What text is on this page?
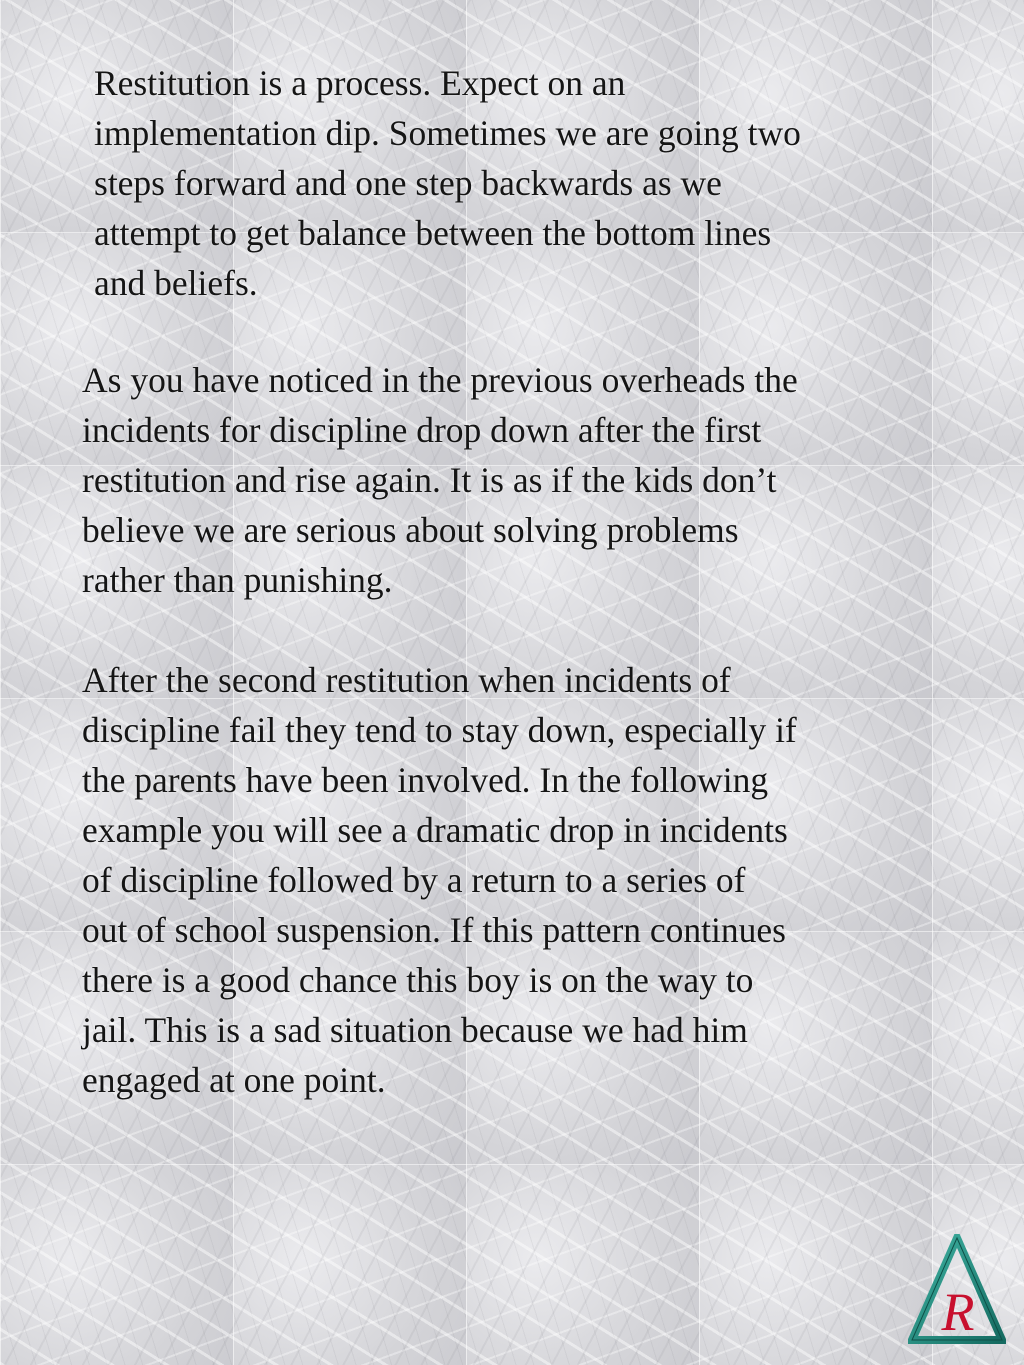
Restitution is a process. Expect on an
implementation dip. Sometimes we are going two
steps forward and one step backwards as we
attempt to get balance between the bottom lines
and beliefs.

As you have noticed in the previous overheads the
incidents for discipline drop down after the first
restitution and rise again. It is as if the kids don’t
believe we are serious about solving problems
rather than punishing.

After the second restitution when incidents of
discipline fail they tend to stay down, especially if
the parents have been involved. In the following
example you will see a dramatic drop in incidents
of discipline followed by a return to a series of
out of school suspension. If this pattern continues
there is a good chance this boy is on the way to
jail. This is a sad situation because we had him
engaged at one point.

R
